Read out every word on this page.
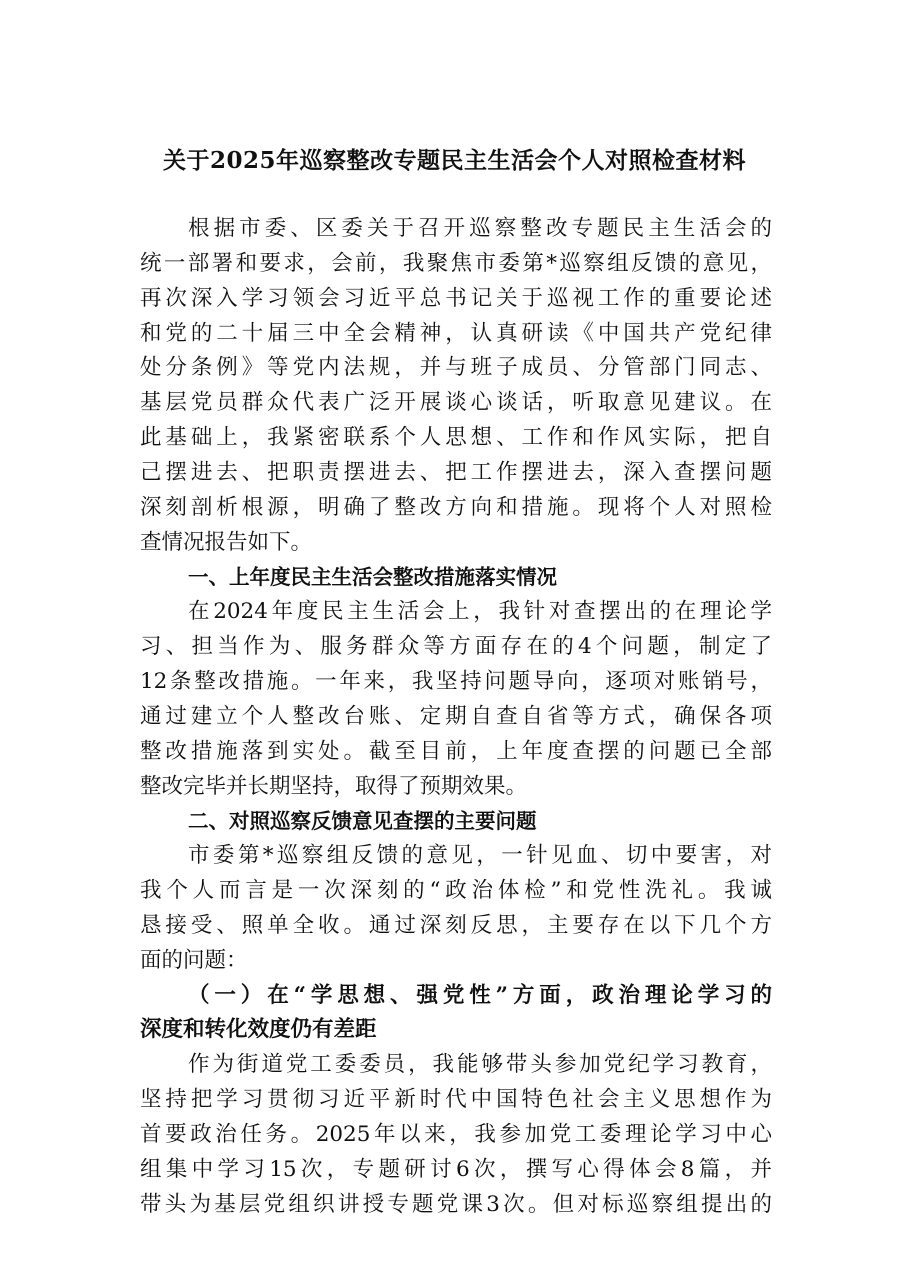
关于2025年巡察整改专题民主生活会个人对照检查材料
根据市委、区委关于召开巡察整改专题民主生活会的
统一部署和要求，会前，我聚焦市委第*巡察组反馈的意见，
再次深入学习领会习近平总书记关于巡视工作的重要论述
和党的二十届三中全会精神，认真研读《中国共产党纪律
处分条例》等党内法规，并与班子成员、分管部门同志、
基层党员群众代表广泛开展谈心谈话，听取意见建议。在
此基础上，我紧密联系个人思想、工作和作风实际，把自
己摆进去、把职责摆进去、把工作摆进去，深入查摆问题
深刻剖析根源，明确了整改方向和措施。现将个人对照检
查情况报告如下。
一、上年度民主生活会整改措施落实情况
在2024年度民主生活会上，我针对查摆出的在理论学
习、担当作为、服务群众等方面存在的4个问题，制定了
12条整改措施。一年来，我坚持问题导向，逐项对账销号，
通过建立个人整改台账、定期自查自省等方式，确保各项
整改措施落到实处。截至目前，上年度查摆的问题已全部
整改完毕并长期坚持，取得了预期效果。
二、对照巡察反馈意见查摆的主要问题
市委第*巡察组反馈的意见，一针见血、切中要害，对
我个人而言是一次深刻的“政治体检”和党性洗礼。我诚
恳接受、照单全收。通过深刻反思，主要存在以下几个方
面的问题：
（一）在“学思想、强党性”方面，政治理论学习的
深度和转化效度仍有差距
作为街道党工委委员，我能够带头参加党纪学习教育，
坚持把学习贯彻习近平新时代中国特色社会主义思想作为
首要政治任务。2025年以来，我参加党工委理论学习中心
组集中学习15次，专题研讨6次，撰写心得体会8篇，并
带头为基层党组织讲授专题党课3次。但对标巡察组提出的
